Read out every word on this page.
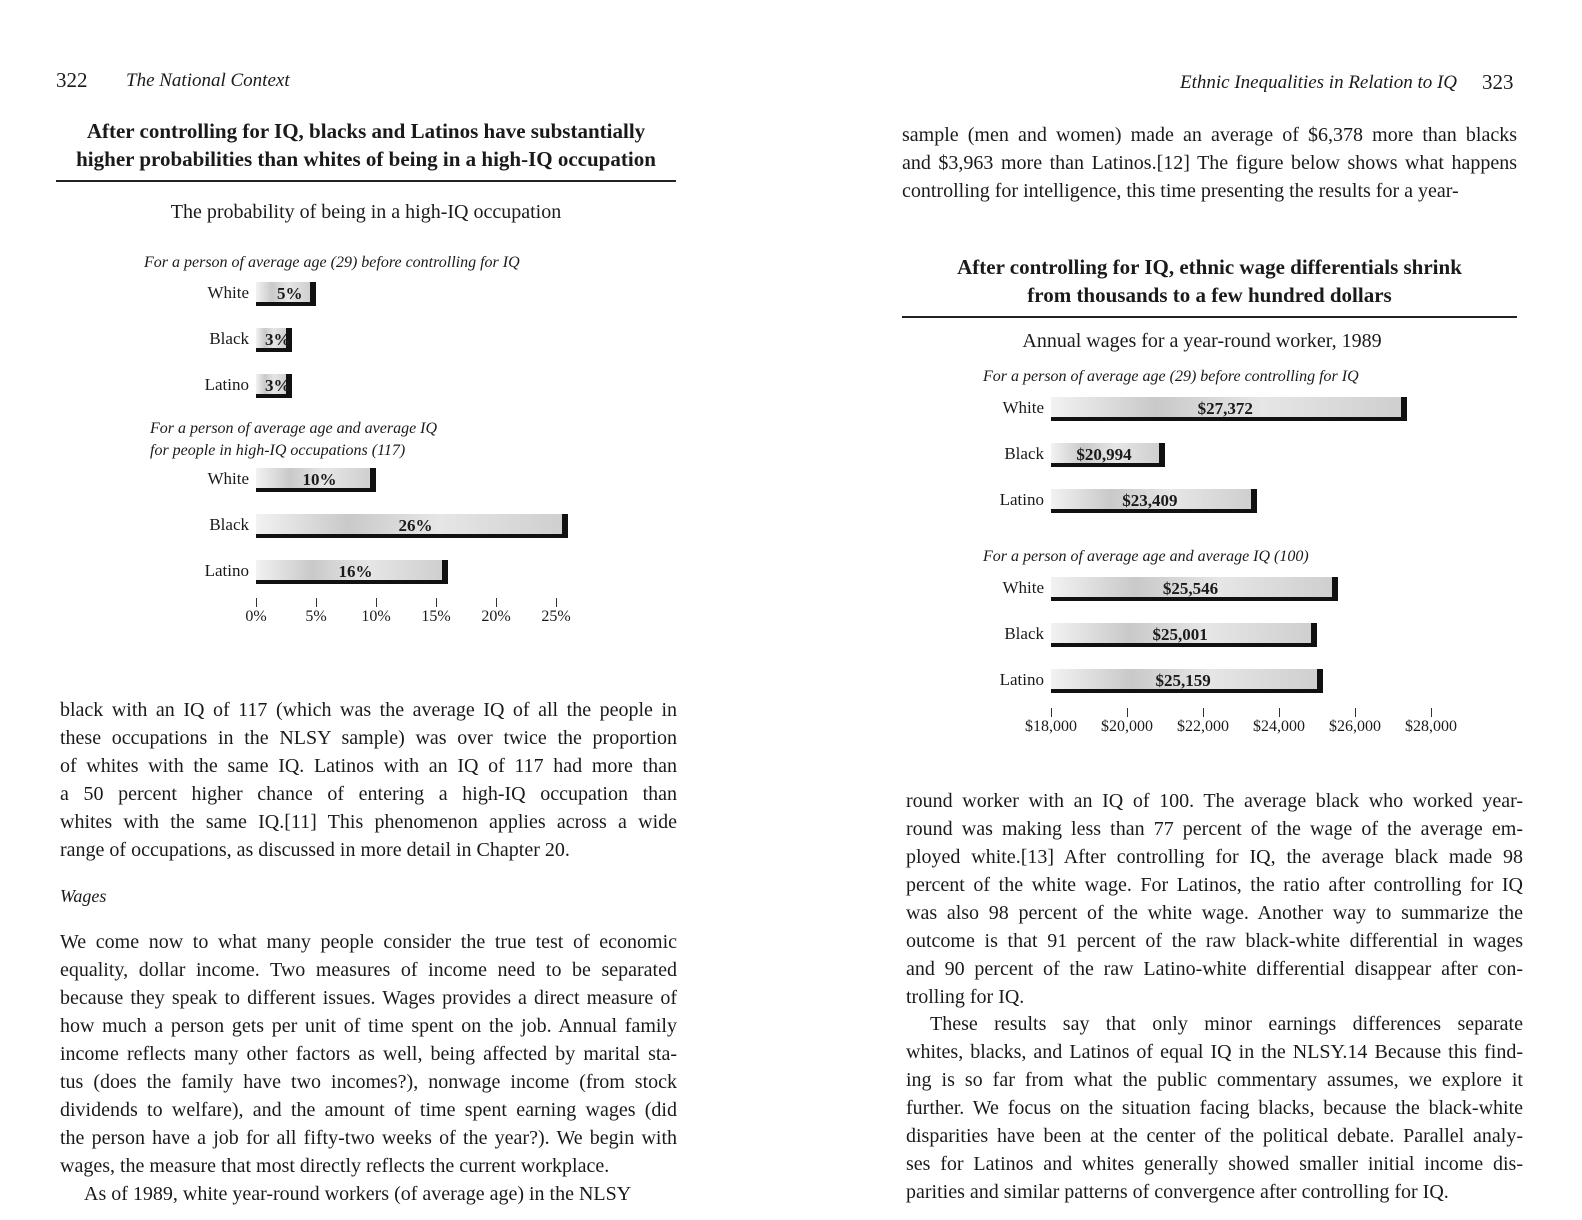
322 The National Context
After controlling for IQ, blacks and Latinos have substantially
higher probabilities than whites of being in a high-IQ occupation
The probability of being in a high-IQ occupation
For a person of average age (29) before controlling for IQ
White 5%
Black 3%
Latino 3%
For a person of average age and average IQ
for people in high-IQ occupations (117)
White	10%
Black	26%
Latino	16%
0% 5% 10% 15% 20% 25%
black with an IQ of 117 (which was the average IQ of all the people in
these occupations in the NLSY sample) was over twice the proportion
of whites with the same IQ. Latinos with an IQ of 117 had more than
a 50 percent higher chance of entering a high-IQ occupation than
whites with the same IQ.[11] This phenomenon applies across a wide
range of occupations, as discussed in more detail in Chapter 20.
Wages
We come now to what many people consider the true test of economic
equality, dollar income. Two measures of income need to be separated
because they speak to different issues. Wages provides a direct measure of
how much a person gets per unit of time spent on the job. Annual family
income reflects many other factors as well, being affected by marital sta-
tus (does the family have two incomes?), nonwage income (from stock
dividends to welfare), and the amount of time spent earning wages (did
the person have a job for all fifty-two weeks of the year?). We begin with
wages, the measure that most directly reflects the current workplace.
As of 1989, white year-round workers (of average age) in the NLSY
Ethnic Inequalities in Relation to IQ 323
sample (men and women) made an average of $6,378 more than blacks
and $3,963 more than Latinos.[12] The figure below shows what happens
controlling for intelligence, this time presenting the results for a year-
After controlling for IQ, ethnic wage differentials shrink
from thousands to a few hundred dollars
Annual wages for a year-round worker, 1989
For a person of average age (29) before controlling for IQ
White	$27,372
Black $20,994
Latino	$23,409
For a person of average age and average IQ (100)
White	$25,546
Black	$25,001
Latino	$25,159
$18,000 $20,000 $22,000 $24,000 $26,000 $28,000
round worker with an IQ of 100. The average black who worked year-
round was making less than 77 percent of the wage of the average em-
ployed white.[13] After controlling for IQ, the average black made 98
percent of the white wage. For Latinos, the ratio after controlling for IQ
was also 98 percent of the white wage. Another way to summarize the
outcome is that 91 percent of the raw black-white differential in wages
and 90 percent of the raw Latino-white differential disappear after con-
trolling for IQ.
These results say that only minor earnings differences separate
whites, blacks, and Latinos of equal IQ in the NLSY.14 Because this find-
ing is so far from what the public commentary assumes, we explore it
further. We focus on the situation facing blacks, because the black-white
disparities have been at the center of the political debate. Parallel analy-
ses for Latinos and whites generally showed smaller initial income dis-
parities and similar patterns of convergence after controlling for IQ.
